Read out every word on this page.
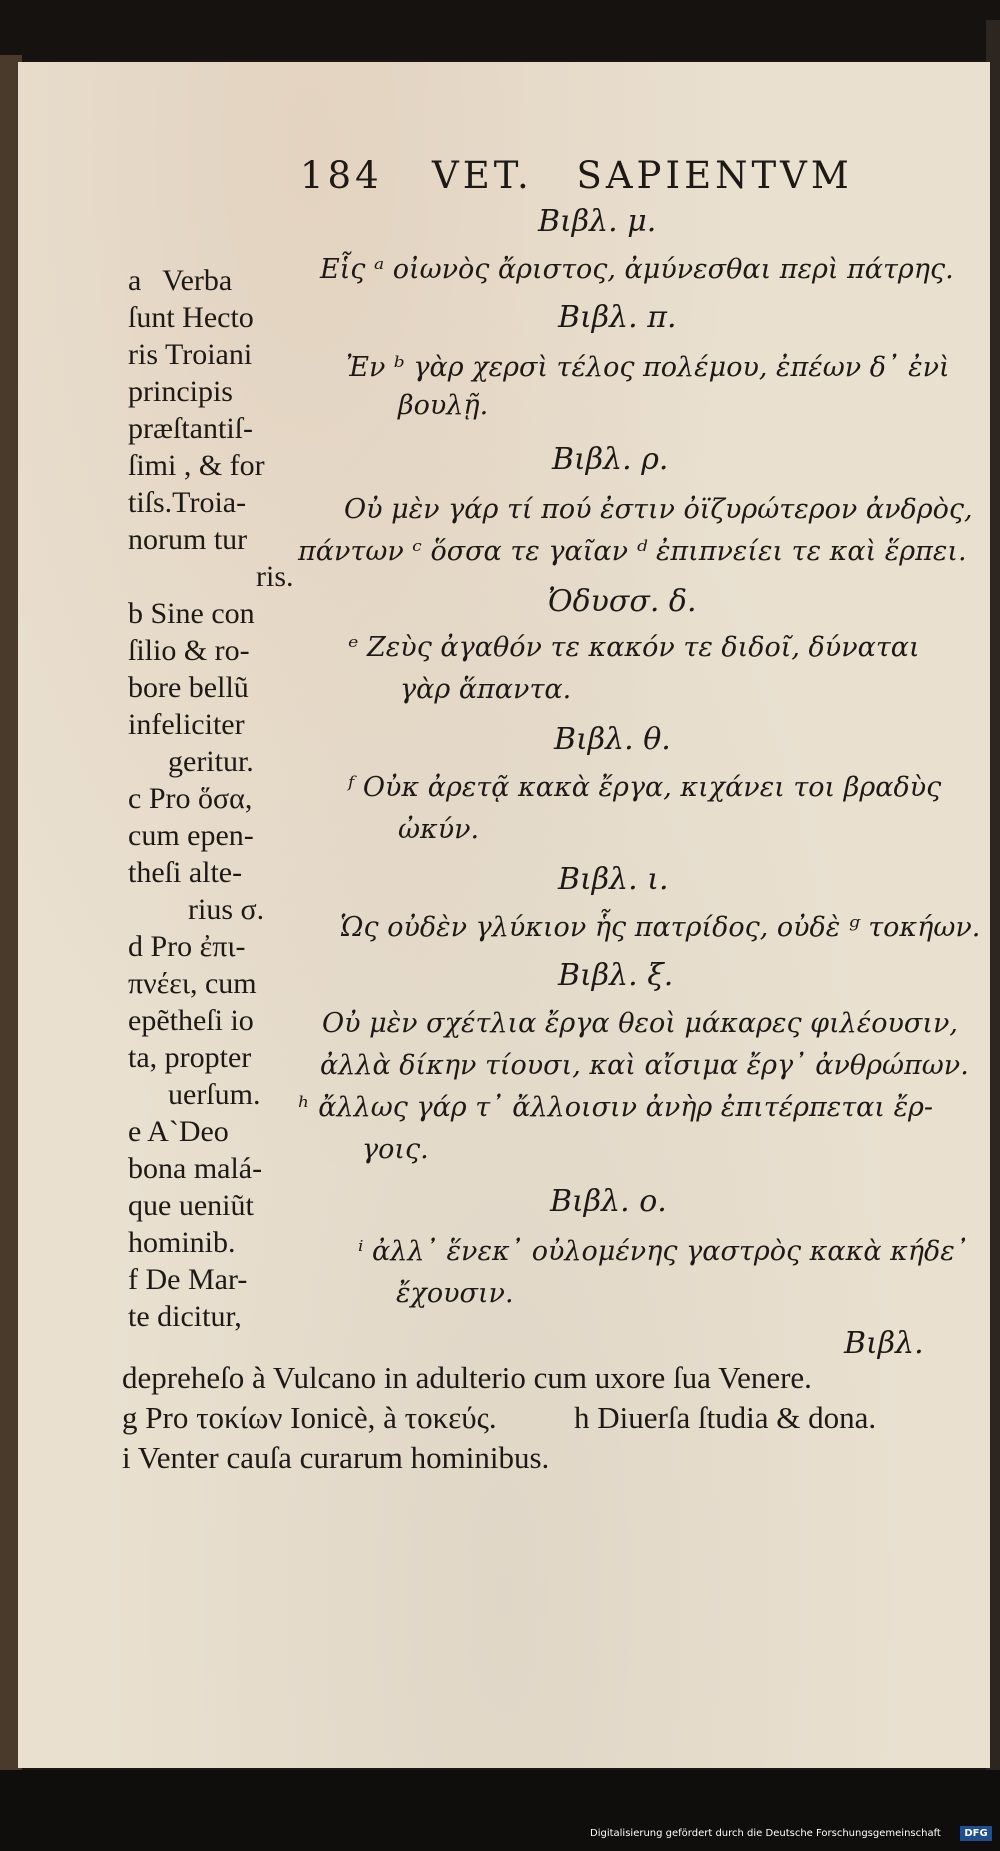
184 VET. SAPIENTVM
Βιβλ. μ.
Εἷς ᵃ οἰωνὸς ἄριστος, ἀμύνεσθαι περὶ πάτρης.
Βιβλ. π.
Ἐν ᵇ γὰρ χερσὶ τέλος πολέμου, ἐπέων δ᾽ ἐνὶ
βουλῇ.
Βιβλ. ρ.
Οὐ μὲν γάρ τί πού ἐστιν ὀϊζυρώτερον ἀνδρὸς,
πάντων ᶜ ὅσσα τε γαῖαν ᵈ ἐπιπνείει τε καὶ ἕρπει.
Ὀδυσσ. δ.
ᵉ Ζεὺς ἀγαθόν τε κακόν τε διδοῖ, δύναται
γὰρ ἅπαντα.
Βιβλ. θ.
ᶠ Οὐκ ἀρετᾷ κακὰ ἔργα, κιχάνει τοι βραδὺς
ὠκύν.
Βιβλ. ι.
Ὡς οὐδὲν γλύκιον ἧς πατρίδος, οὐδὲ ᵍ τοκήων.
Βιβλ. ξ.
Οὐ μὲν σχέτλια ἔργα θεοὶ μάκαρες φιλέουσιν,
ἀλλὰ δίκην τίουσι, καὶ αἴσιμα ἔργ᾽ ἀνθρώπων.
ʰ ἄλλως γάρ τ᾽ ἄλλοισιν ἀνὴρ ἐπιτέρπεται ἔρ-
γοις.
Βιβλ. ο.
ⁱ ἀλλ᾽ ἕνεκ᾽ οὐλομένης γαστρὸς κακὰ κήδε᾽
ἔχουσιν.
Βιβλ.
a Verba
ſunt Hecto
ris Troiani
principis
præſtantiſ-
ſimi , & for
tiſs.Troia-
norum tur
ris.
b Sine con
ſilio & ro-
bore bellũ
infeliciter
geritur.
c Pro ὅσα,
cum epen-
theſi alte-
rius σ.
d Pro ἐπι-
πνέει, cum
epẽtheſi io
ta, propter
uerſum.
e A`Deo
bona malá-
que ueniũt
hominib.
f De Mar-
te dicitur,
depreheſo à Vulcano in adulterio cum uxore ſua Venere.
g Pro τοκίων Ionicè, à τοκεύς. h Diuerſa ſtudia & dona.
i Venter cauſa curarum hominibus.
Digitalisierung gefördert durch die Deutsche Forschungsgemeinschaft	DFG
